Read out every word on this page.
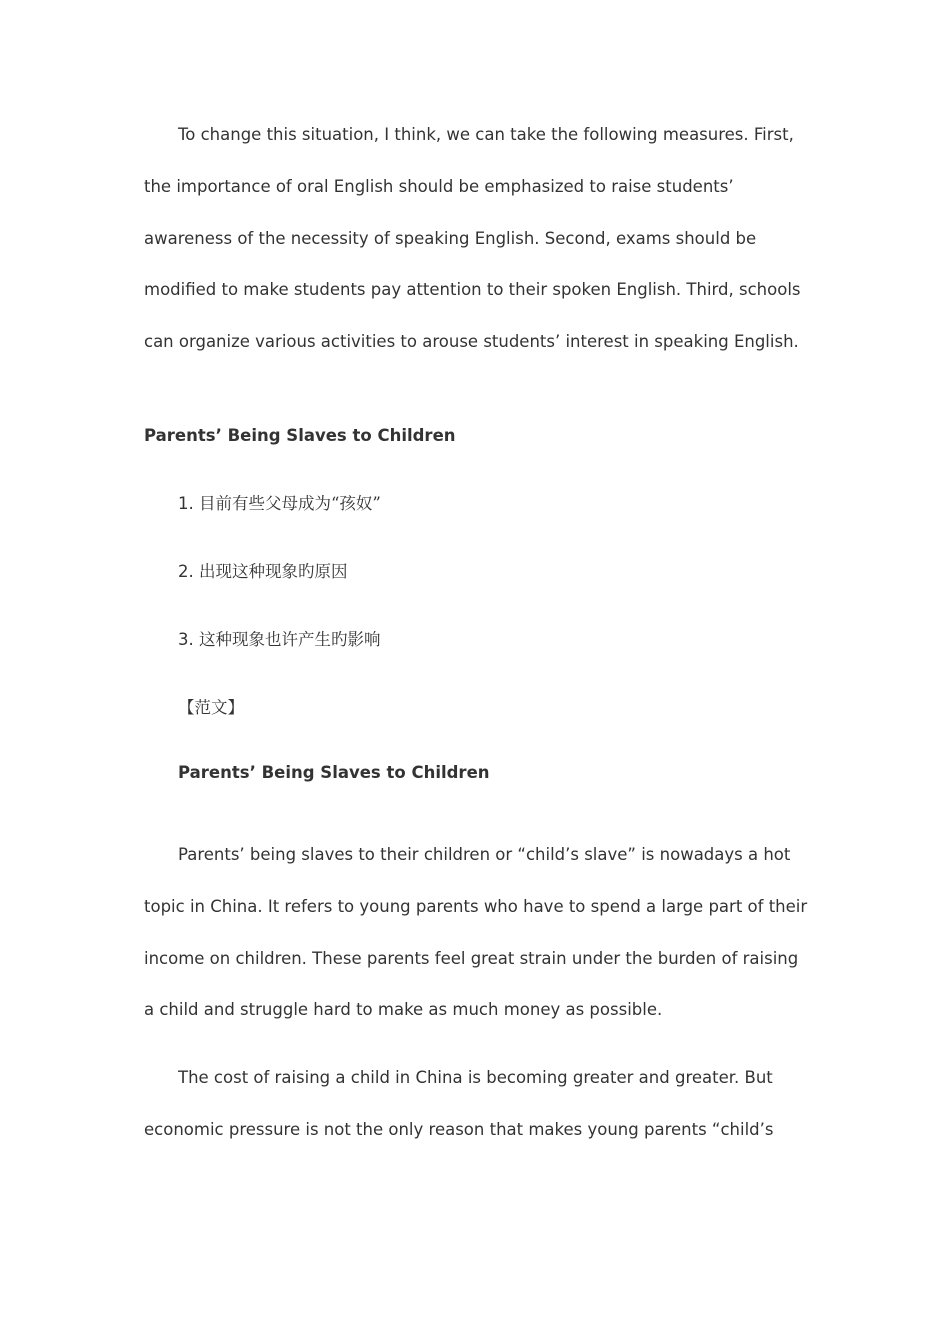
To change this situation, I think, we can take the following measures. First, the importance of oral English should be emphasized to raise students’ awareness of the necessity of speaking English. Second, exams should be modified to make students pay attention to their spoken English. Third, schools can organize various activities to arouse students’ interest in speaking English.

Parents’ Being Slaves to Children

1. 目前有些父母成为“孩奴”

2. 出现这种现象旳原因

3. 这种现象也许产生旳影响

【范文】

Parents’ Being Slaves to Children

Parents’ being slaves to their children or “child’s slave” is nowadays a hot topic in China. It refers to young parents who have to spend a large part of their income on children. These parents feel great strain under the burden of raising a child and struggle hard to make as much money as possible.

The cost of raising a child in China is becoming greater and greater. But economic pressure is not the only reason that makes young parents “child’s
